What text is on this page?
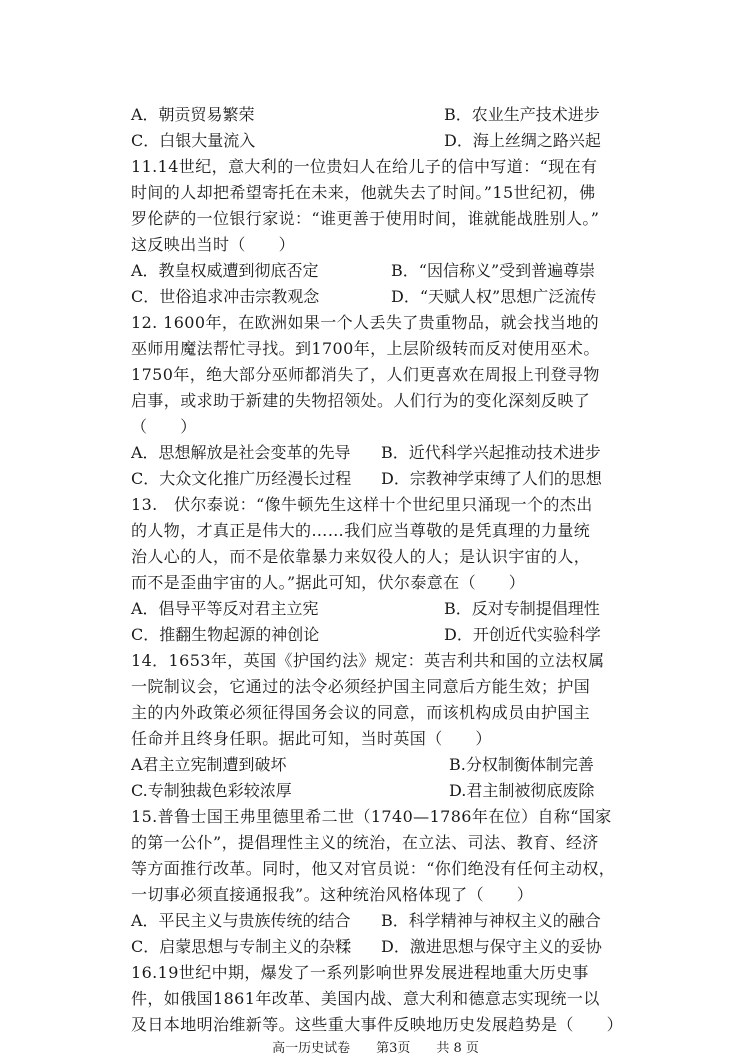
A．朝贡贸易繁荣	B．农业生产技术进步
C．白银大量流入	D．海上丝绸之路兴起
11.14世纪，意大利的一位贵妇人在给儿子的信中写道：“现在有
时间的人却把希望寄托在未来，他就失去了时间。”15世纪初，佛
罗伦萨的一位银行家说：“谁更善于使用时间，谁就能战胜别人。”
这反映出当时（　　）
A．教皇权威遭到彻底否定	B．“因信称义”受到普遍尊崇
C．世俗追求冲击宗教观念	D．“天赋人权”思想广泛流传
12. 1600年，在欧洲如果一个人丢失了贵重物品，就会找当地的
巫师用魔法帮忙寻找。到1700年，上层阶级转而反对使用巫术。
1750年，绝大部分巫师都消失了，人们更喜欢在周报上刊登寻物
启事，或求助于新建的失物招领处。人们行为的变化深刻反映了
（　　）
A．思想解放是社会变革的先导 B．近代科学兴起推动技术进步
C．大众文化推广历经漫长过程 D．宗教神学束缚了人们的思想
13.　伏尔泰说：“像牛顿先生这样十个世纪里只涌现一个的杰出
的人物，才真正是伟大的……我们应当尊敬的是凭真理的力量统
治人心的人，而不是依靠暴力来奴役人的人；是认识宇宙的人，
而不是歪曲宇宙的人。”据此可知，伏尔泰意在（　　）
A．倡导平等反对君主立宪	B．反对专制提倡理性
C．推翻生物起源的神创论	D．开创近代实验科学
14．1653年，英国《护国约法》规定：英吉利共和国的立法权属
一院制议会，它通过的法令必须经护国主同意后方能生效；护国
主的内外政策必须征得国务会议的同意，而该机构成员由护国主
任命并且终身任职。据此可知，当时英国（　　）
A君主立宪制遭到破坏	B.分权制衡体制完善
C.专制独裁色彩较浓厚	D.君主制被彻底废除
15.普鲁士国王弗里德里希二世（1740—1786年在位）自称“国家
的第一公仆”，提倡理性主义的统治，在立法、司法、教育、经济
等方面推行改革。同时，他又对官员说：“你们绝没有任何主动权，
一切事必须直接通报我”。这种统治风格体现了（　　）
A．平民主义与贵族传统的结合 B．科学精神与神权主义的融合
C．启蒙思想与专制主义的杂糅 D．激进思想与保守主义的妥协
16.19世纪中期，爆发了一系列影响世界发展进程地重大历史事
件，如俄国1861年改革、美国内战、意大利和德意志实现统一以
及日本地明治维新等。这些重大事件反映地历史发展趋势是（　　）
高一历史试卷 第3页 共 8 页
